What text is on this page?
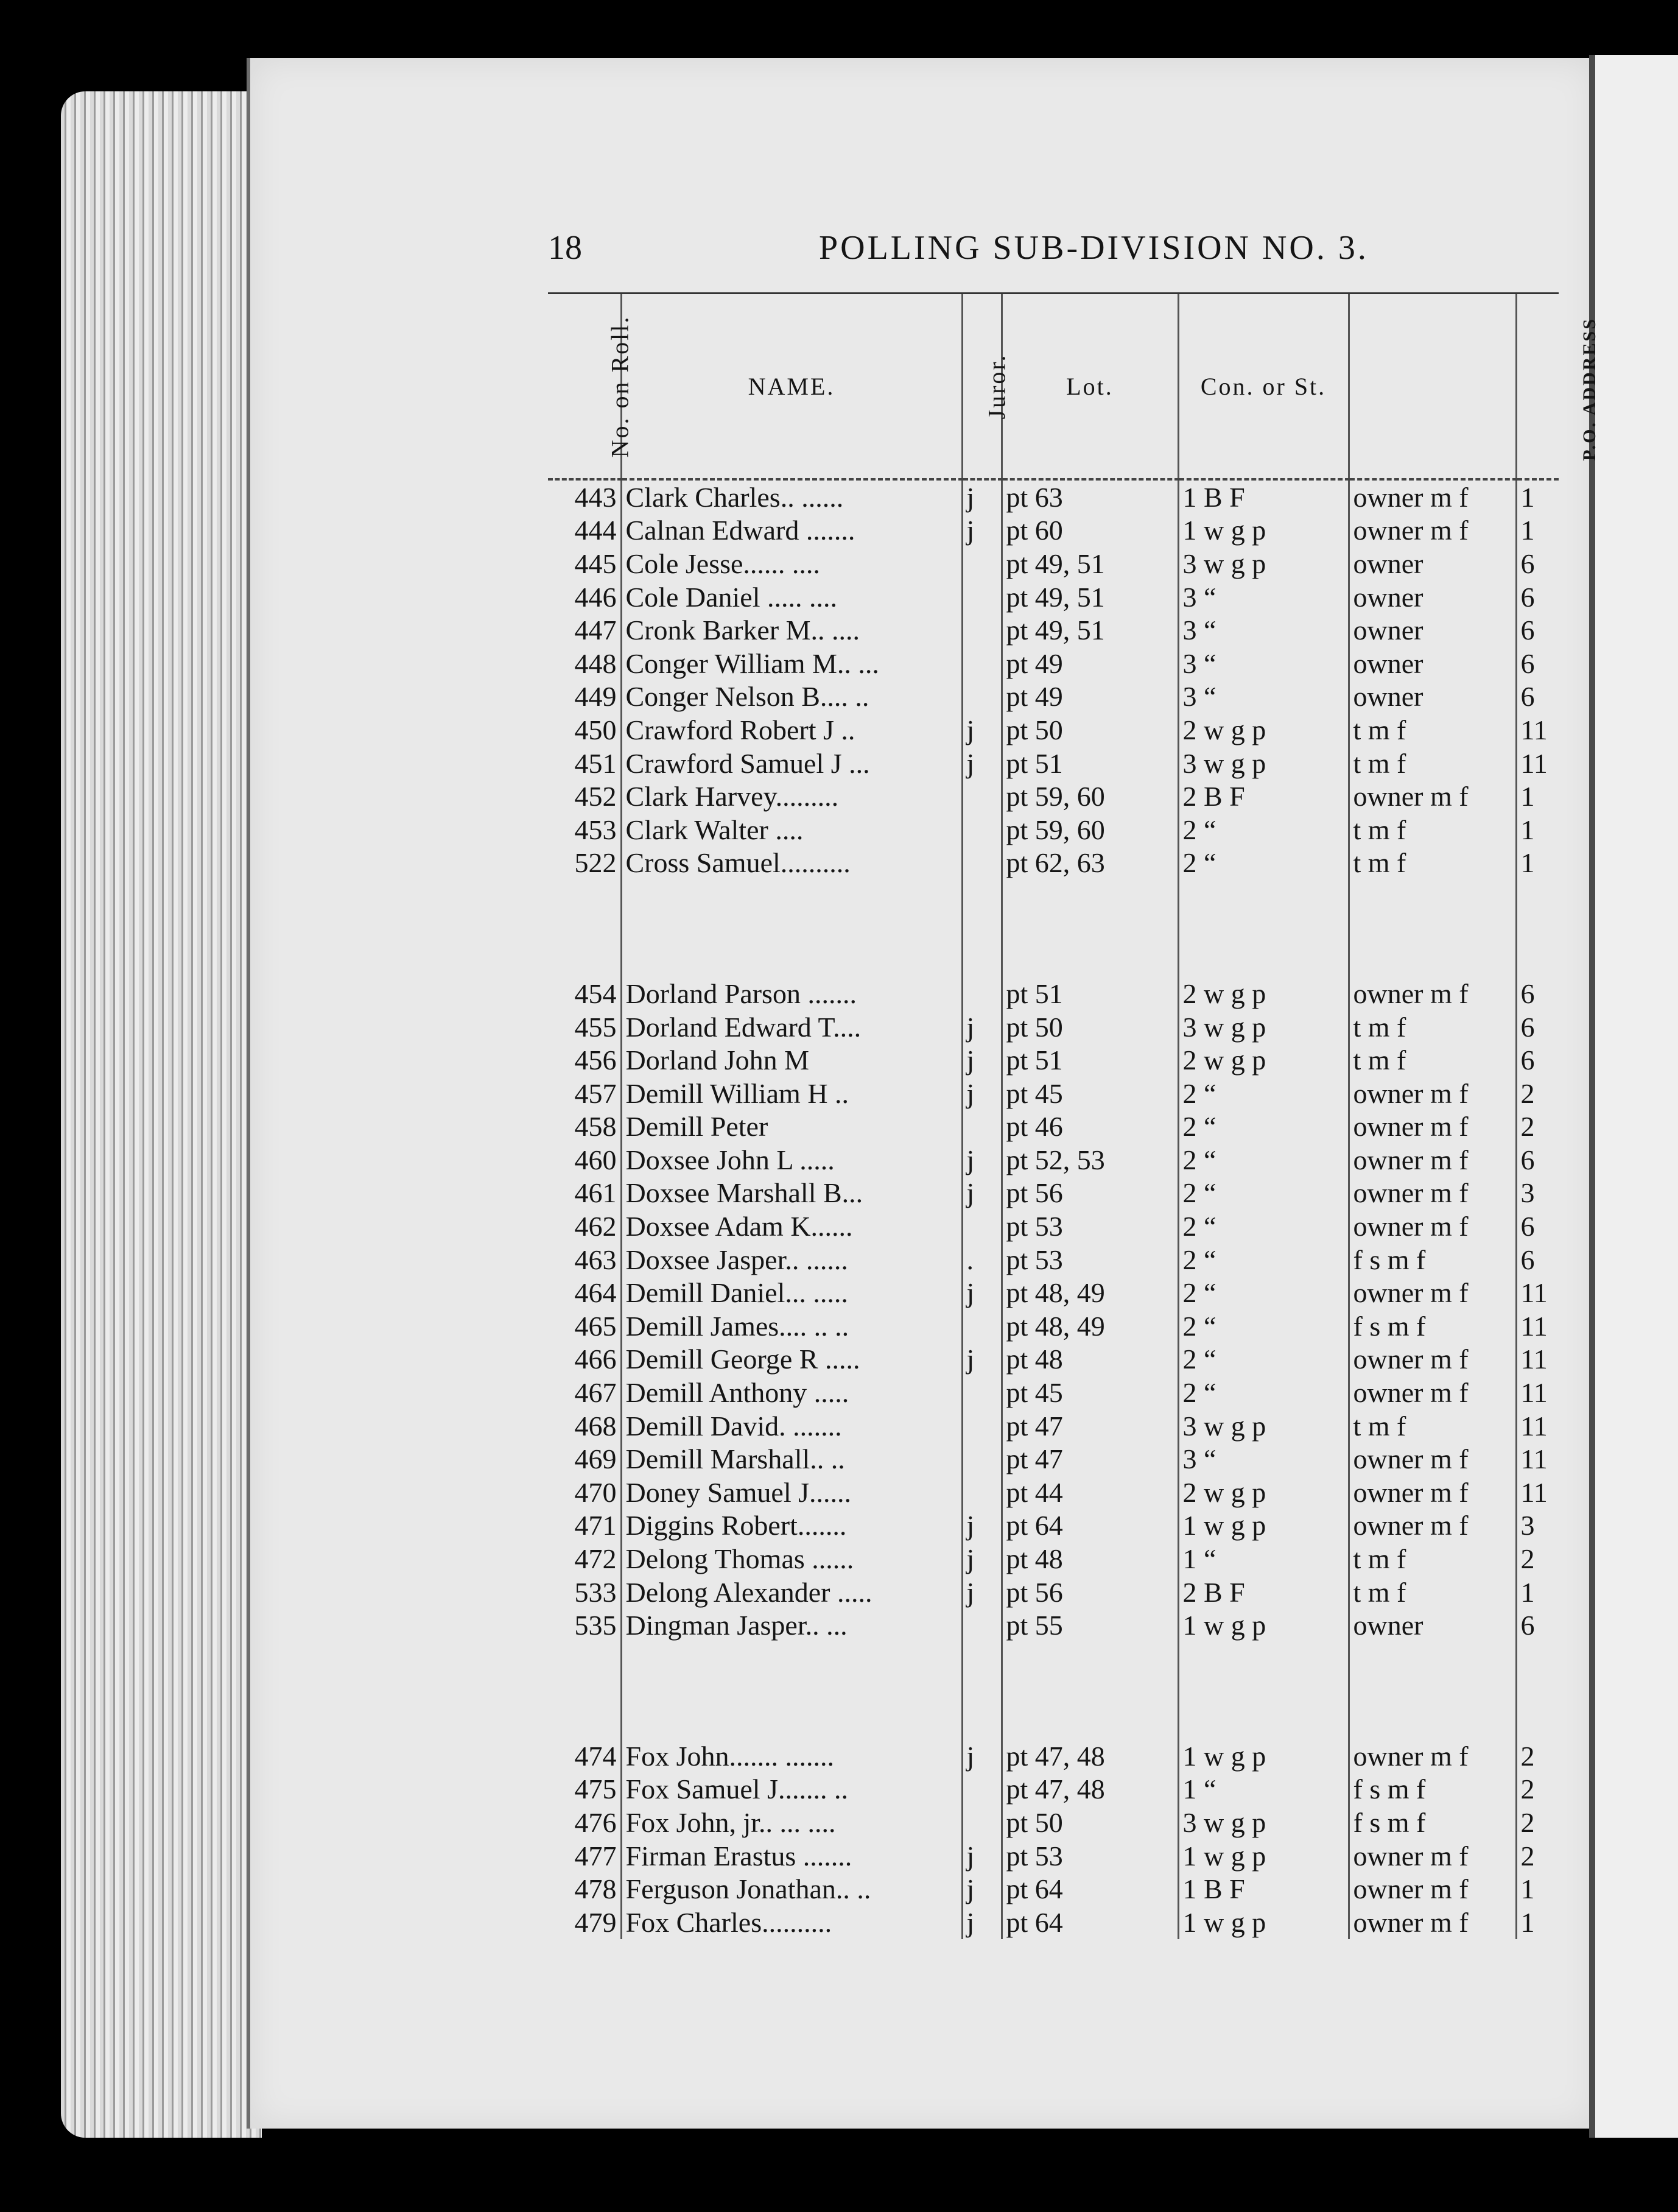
18	POLLING SUB-DIVISION NO. 3.
No. on Roll.	NAME.	Juror.	Lot.	Con. or St.		P.O. ADDRESS
443	Clark Charles.. ......	j	pt 63	1 B F	owner m f	1
444	Calnan Edward .......	j	pt 60	1 w g p	owner m f	1
445	Cole Jesse...... ....		pt 49, 51	3 w g p	owner	6
446	Cole Daniel ..... ....		pt 49, 51	3 “	owner	6
447	Cronk Barker M.. ....		pt 49, 51	3 “	owner	6
448	Conger William M.. ...		pt 49	3 “	owner	6
449	Conger Nelson B.... ..		pt 49	3 “	owner	6
450	Crawford Robert J ..	j	pt 50	2 w g p	t m f	11
451	Crawford Samuel J ...	j	pt 51	3 w g p	t m f	11
452	Clark Harvey.........		pt 59, 60	2 B F	owner m f	1
453	Clark Walter ....		pt 59, 60	2 “	t m f	1
522	Cross Samuel..........		pt 62, 63	2 “	t m f	1

454	Dorland Parson .......		pt 51	2 w g p	owner m f	6
455	Dorland Edward T....	j	pt 50	3 w g p	t m f	6
456	Dorland John M	j	pt 51	2 w g p	t m f	6
457	Demill William H ..	j	pt 45	2 “	owner m f	2
458	Demill Peter		pt 46	2 “	owner m f	2
460	Doxsee John L .....	j	pt 52, 53	2 “	owner m f	6
461	Doxsee Marshall B...	j	pt 56	2 “	owner m f	3
462	Doxsee Adam K......		pt 53	2 “	owner m f	6
463	Doxsee Jasper.. ......	.	pt 53	2 “	f s m f	6
464	Demill Daniel... .....	j	pt 48, 49	2 “	owner m f	11
465	Demill James.... .. ..		pt 48, 49	2 “	f s m f	11
466	Demill George R .....	j	pt 48	2 “	owner m f	11
467	Demill Anthony .....		pt 45	2 “	owner m f	11
468	Demill David. .......		pt 47	3 w g p	t m f	11
469	Demill Marshall.. ..		pt 47	3 “	owner m f	11
470	Doney Samuel J......		pt 44	2 w g p	owner m f	11
471	Diggins Robert.......	j	pt 64	1 w g p	owner m f	3
472	Delong Thomas ......	j	pt 48	1 “	t m f	2
533	Delong Alexander .....	j	pt 56	2 B F	t m f	1
535	Dingman Jasper.. ...		pt 55	1 w g p	owner	6

474	Fox John....... .......	j	pt 47, 48	1 w g p	owner m f	2
475	Fox Samuel J....... ..		pt 47, 48	1 “	f s m f	2
476	Fox John, jr.. ... ....		pt 50	3 w g p	f s m f	2
477	Firman Erastus .......	j	pt 53	1 w g p	owner m f	2
478	Ferguson Jonathan.. ..	j	pt 64	1 B F	owner m f	1
479	Fox Charles..........	j	pt 64	1 w g p	owner m f	1
